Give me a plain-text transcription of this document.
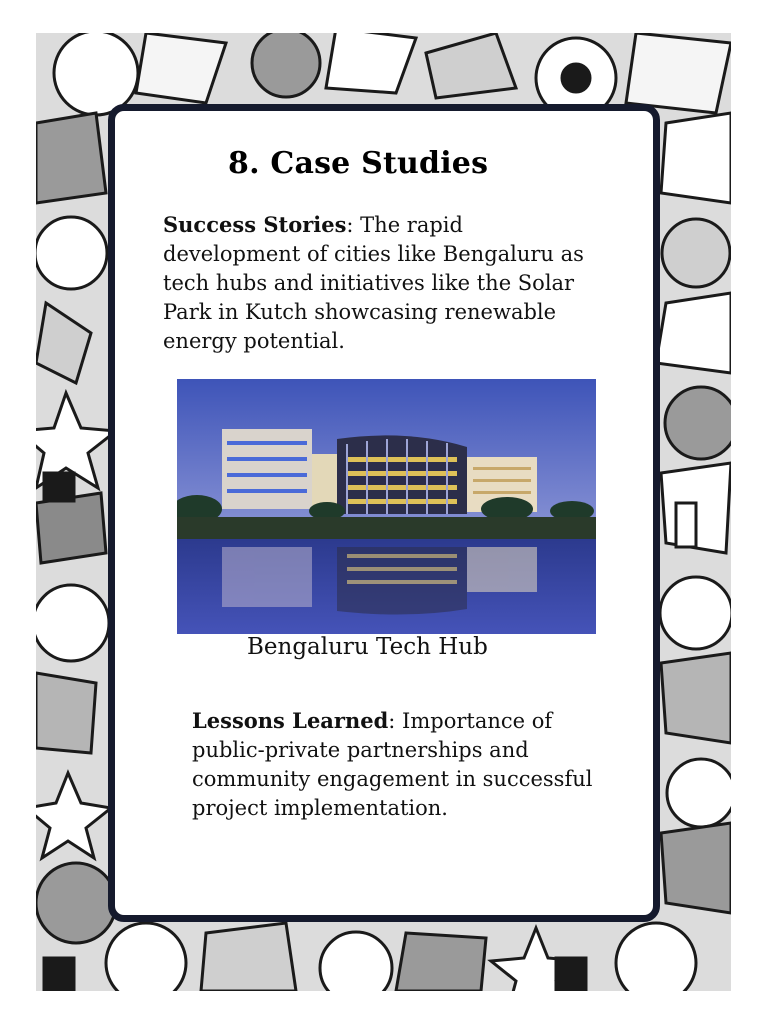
8. Case Studies

Success Stories: The rapid development of cities like Bengaluru as tech hubs and initiatives like the Solar Park in Kutch showcasing renewable energy potential.

Bengaluru Tech Hub

Lessons Learned: Importance of public-private partnerships and community engagement in successful project implementation.
